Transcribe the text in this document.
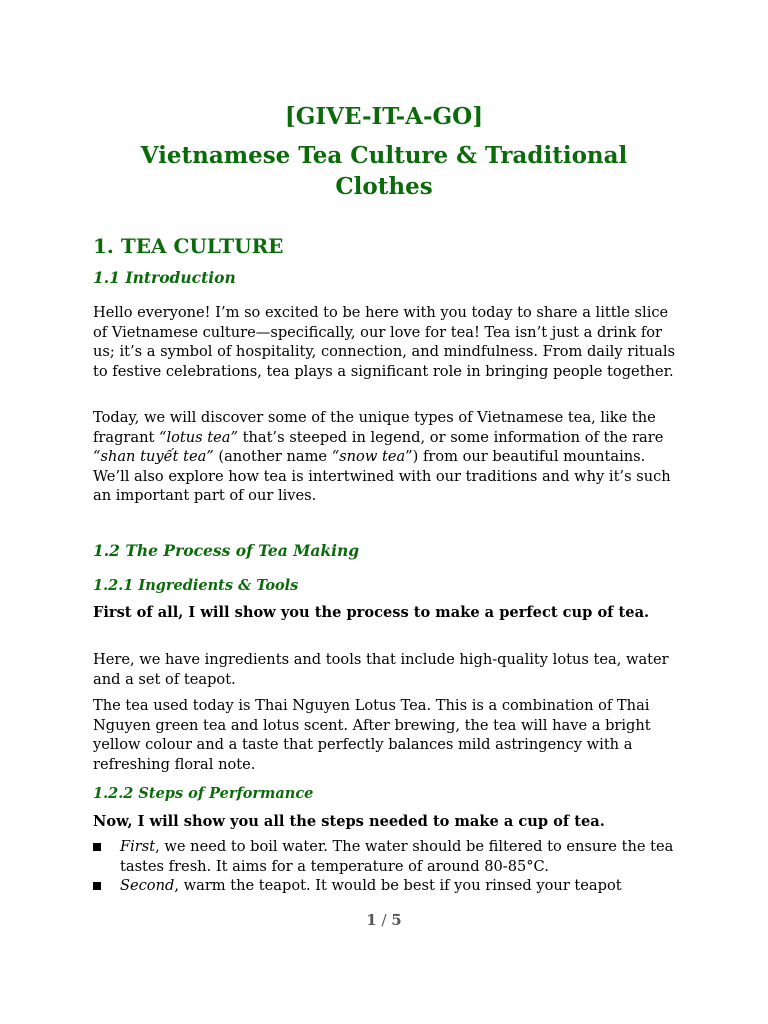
[GIVE-IT-A-GO]
Vietnamese Tea Culture & Traditional Clothes
1. TEA CULTURE
1.1 Introduction

Hello everyone! I’m so excited to be here with you today to share a little slice of Vietnamese culture—specifically, our love for tea! Tea isn’t just a drink for us; it’s a symbol of hospitality, connection, and mindfulness. From daily rituals to festive celebrations, tea plays a significant role in bringing people together.

Today, we will discover some of the unique types of Vietnamese tea, like the fragrant “lotus tea” that’s steeped in legend, or some information of the rare “shan tuyết tea” (another name “snow tea”) from our beautiful mountains. We’ll also explore how tea is intertwined with our traditions and why it’s such an important part of our lives.

1.2 The Process of Tea Making
1.2.1 Ingredients & Tools

First of all, I will show you the process to make a perfect cup of tea.

Here, we have ingredients and tools that include high-quality lotus tea, water and a set of teapot.

The tea used today is Thai Nguyen Lotus Tea. This is a combination of Thai Nguyen green tea and lotus scent. After brewing, the tea will have a bright yellow colour and a taste that perfectly balances mild astringency with a refreshing floral note.

1.2.2 Steps of Performance

Now, I will show you all the steps needed to make a cup of tea.

First, we need to boil water. The water should be filtered to ensure the tea tastes fresh. It aims for a temperature of around 80-85°C.
Second, warm the teapot. It would be best if you rinsed your teapot
1 / 5
